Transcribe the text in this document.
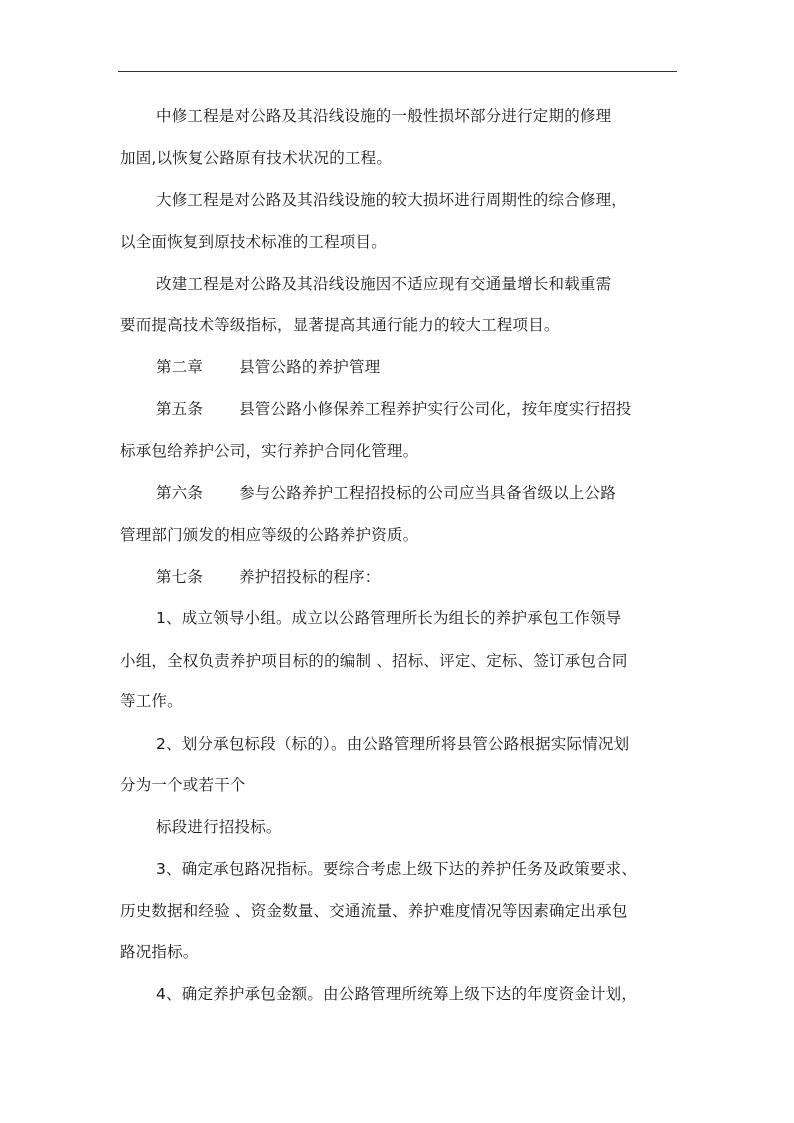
中修工程是对公路及其沿线设施的一般性损坏部分进行定期的修理
加固,以恢复公路原有技术状况的工程。
大修工程是对公路及其沿线设施的较大损坏进行周期性的综合修理，
以全面恢复到原技术标准的工程项目。
改建工程是对公路及其沿线设施因不适应现有交通量增长和载重需
要而提高技术等级指标，显著提高其通行能力的较大工程项目。
第二章 县管公路的养护管理
第五条 县管公路小修保养工程养护实行公司化，按年度实行招投
标承包给养护公司，实行养护合同化管理。
第六条 参与公路养护工程招投标的公司应当具备省级以上公路
管理部门颁发的相应等级的公路养护资质。
第七条 养护招投标的程序：
1、成立领导小组。成立以公路管理所长为组长的养护承包工作领导
小组，全权负责养护项目标的的编制 、招标、评定、定标、签订承包合同
等工作。
2、划分承包标段（标的）。由公路管理所将县管公路根据实际情况划
分为一个或若干个
标段进行招投标。
3、确定承包路况指标。要综合考虑上级下达的养护任务及政策要求、
历史数据和经验 、资金数量、交通流量、养护难度情况等因素确定出承包
路况指标。
4、确定养护承包金额。由公路管理所统筹上级下达的年度资金计划，
